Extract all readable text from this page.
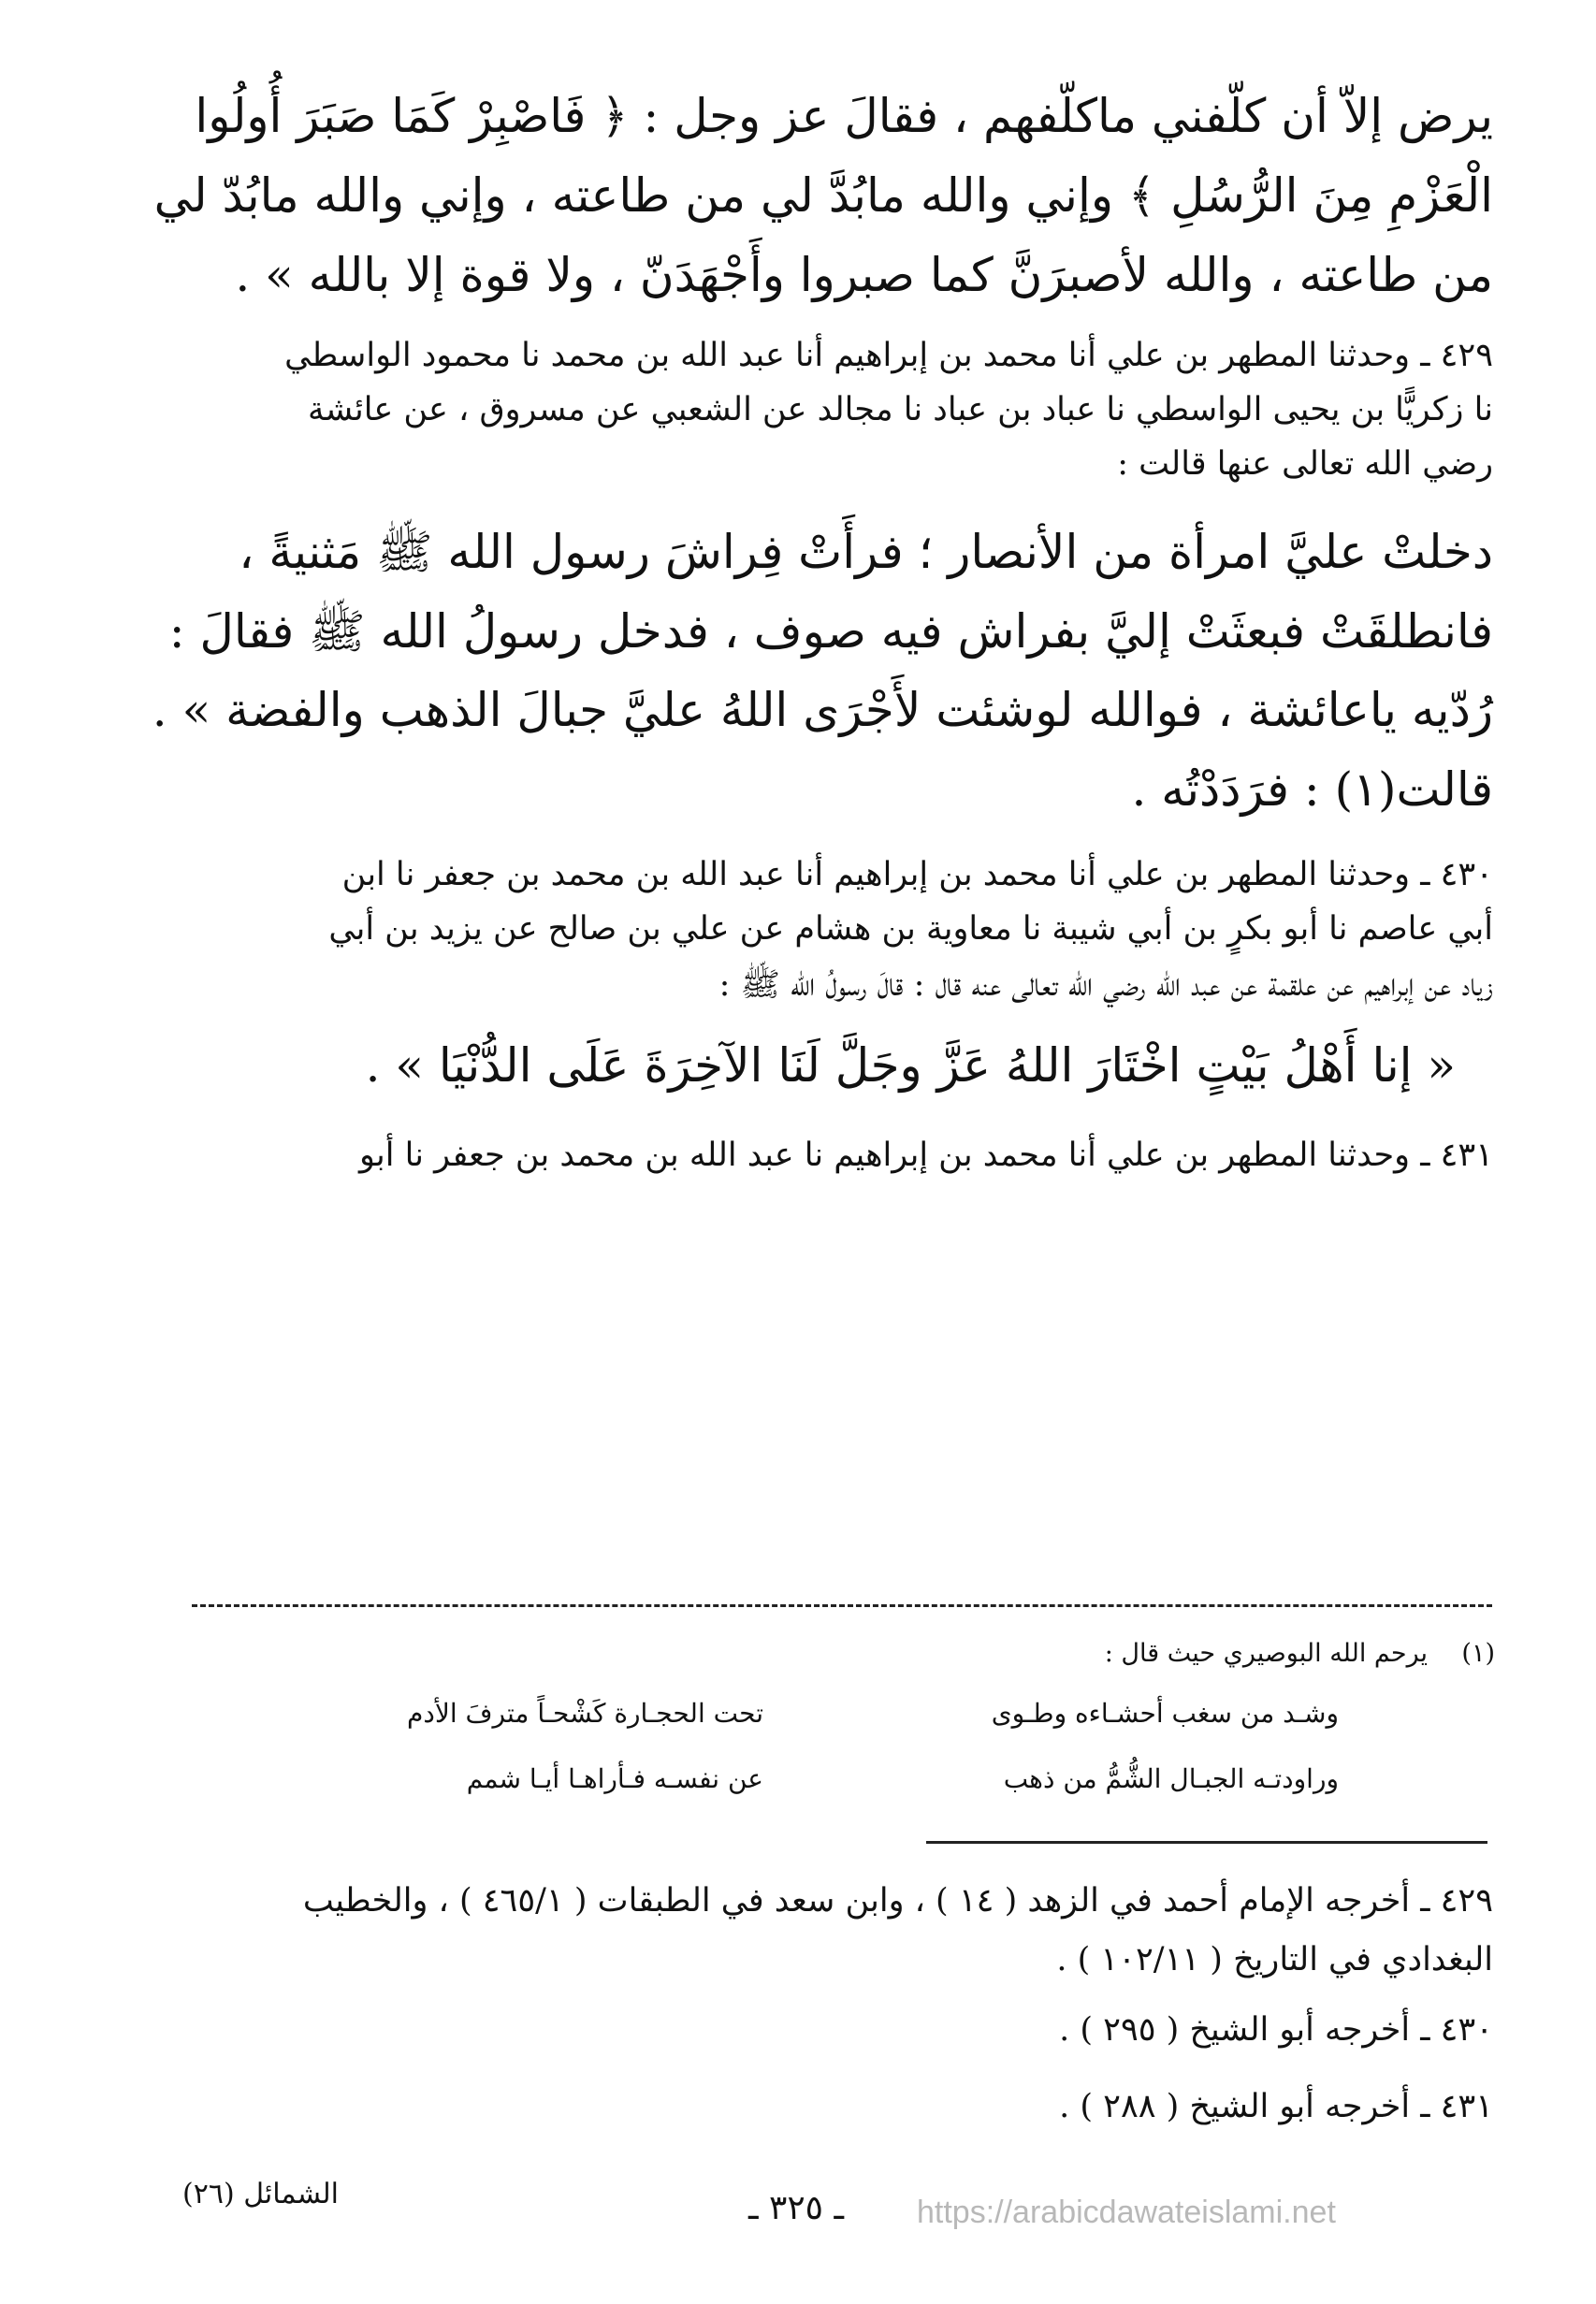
يرض إلاّ أن كلّفني ماكلّفهم ، فقالَ عز وجل : ﴿ فَاصْبِرْ كَمَا صَبَرَ أُولُوا
الْعَزْمِ مِنَ الرُّسُلِ ﴾ وإني والله مابُدَّ لي من طاعته ، وإني والله مابُدّ لي
من طاعته ، والله لأصبرَنَّ كما صبروا وأَجْهَدَنّ ، ولا قوة إلا بالله » .
٤٢٩ ـ وحدثنا المطهر بن علي أنا محمد بن إبراهيم أنا عبد الله بن محمد نا محمود الواسطي
نا زكريًّا بن يحيى الواسطي نا عباد بن عباد نا مجالد عن الشعبي عن مسروق ، عن عائشة
رضي الله تعالى عنها قالت :
دخلتْ عليَّ امرأة من الأنصار ؛ فرأَتْ فِراشَ رسول الله ﷺ مَثنيةً ،
فانطلقَتْ فبعثَتْ إليَّ بفراش فيه صوف ، فدخل رسولُ الله ﷺ فقالَ :
رُدّيه ياعائشة ، فوالله لوشئت لأَجْرَى اللهُ عليَّ جبالَ الذهب والفضة » .
قالت(١) : فرَدَدْتُه .
٤٣٠ ـ وحدثنا المطهر بن علي أنا محمد بن إبراهيم أنا عبد الله بن محمد بن جعفر نا ابن
أبي عاصم نا أبو بكرٍ بن أبي شيبة نا معاوية بن هشام عن علي بن صالح عن يزيد بن أبي
زياد عن إبراهيم عن علقمة عن عبد الله رضي الله تعالى عنه قال : قالَ رسولُ الله ﷺ :
« إنا أَهْلُ بَيْتٍ اخْتَارَ اللهُ عَزَّ وجَلَّ لَنَا الآخِرَةَ عَلَى الدُّنْيَا » .
٤٣١ ـ وحدثنا المطهر بن علي أنا محمد بن إبراهيم نا عبد الله بن محمد بن جعفر نا أبو
(١)
يرحم الله البوصيري حيث قال :
وشـد من سغب أحشـاءه وطـوى
تحت الحجـارة كَشْحـاً مترفَ الأدم
وراودتـه الجبـال الشُّمُّ من ذهب
عن نفسـه فـأراهـا أيـا شمم
٤٢٩ ـ أخرجه الإمام أحمد في الزهد ( ١٤ ) ، وابن سعد في الطبقات ( ٤٦٥/١ ) ، والخطيب
البغدادي في التاريخ ( ١٠٢/١١ ) .
٤٣٠ ـ أخرجه أبو الشيخ ( ٢٩٥ ) .
٤٣١ ـ أخرجه أبو الشيخ ( ٢٨٨ ) .
الشمائل (٢٦)	ـ ٣٢٥ ـ https://arabicdawateislami.net
